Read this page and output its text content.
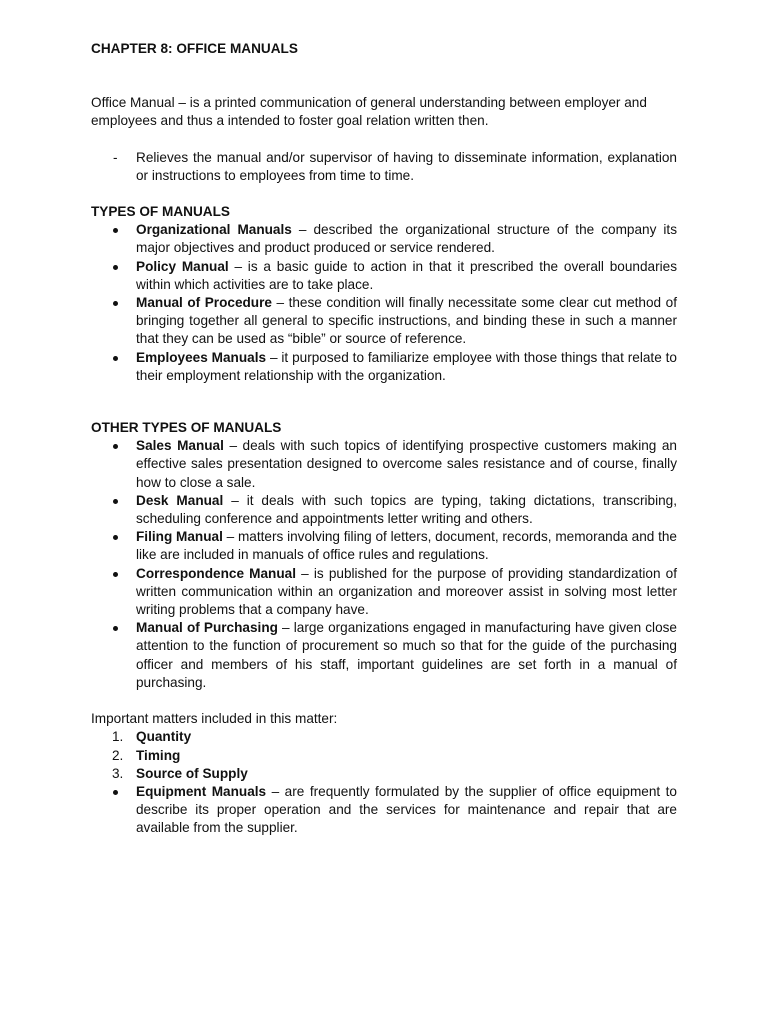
CHAPTER 8: OFFICE MANUALS

Office Manual – is a printed communication of general understanding between employer and employees and thus a intended to foster goal relation written then.

- Relieves the manual and/or supervisor of having to disseminate information, explanation or instructions to employees from time to time.

TYPES OF MANUALS

Organizational Manuals – described the organizational structure of the company its major objectives and product produced or service rendered.
Policy Manual – is a basic guide to action in that it prescribed the overall boundaries within which activities are to take place.
Manual of Procedure – these condition will finally necessitate some clear cut method of bringing together all general to specific instructions, and binding these in such a manner that they can be used as “bible” or source of reference.
Employees Manuals – it purposed to familiarize employee with those things that relate to their employment relationship with the organization.

OTHER TYPES OF MANUALS

Sales Manual – deals with such topics of identifying prospective customers making an effective sales presentation designed to overcome sales resistance and of course, finally how to close a sale.
Desk Manual – it deals with such topics are typing, taking dictations, transcribing, scheduling conference and appointments letter writing and others.
Filing Manual – matters involving filing of letters, document, records, memoranda and the like are included in manuals of office rules and regulations.
Correspondence Manual – is published for the purpose of providing standardization of written communication within an organization and moreover assist in solving most letter writing problems that a company have.
Manual of Purchasing – large organizations engaged in manufacturing have given close attention to the function of procurement so much so that for the guide of the purchasing officer and members of his staff, important guidelines are set forth in a manual of purchasing.

Important matters included in this matter:

1. Quantity
2. Timing
3. Source of Supply
Equipment Manuals – are frequently formulated by the supplier of office equipment to describe its proper operation and the services for maintenance and repair that are available from the supplier.
